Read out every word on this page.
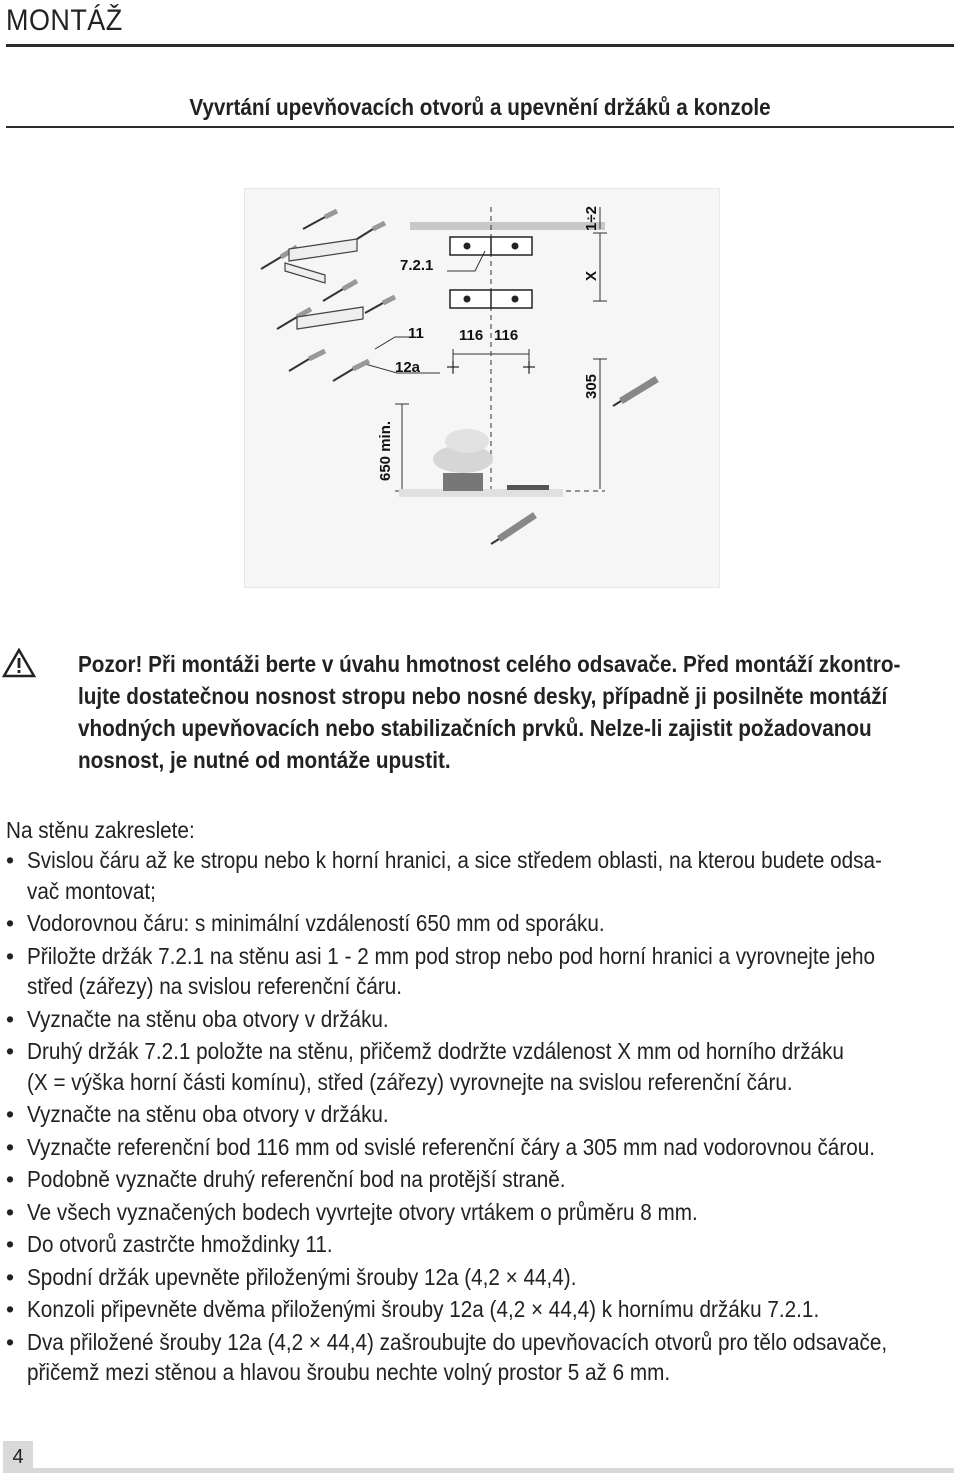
MONTÁŽ
Vyvrtání upevňovacích otvorů a upevnění držáků a konzole
7.2.1
11
12a
116 116
1÷2
X
305
650 min.
Pozor! Při montáži berte v úvahu hmotnost celého odsavače. Před montáží zkontro-
lujte dostatečnou nosnost stropu nebo nosné desky, případně ji posilněte montáží
vhodných upevňovacích nebo stabilizačních prvků. Nelze-li zajistit požadovanou
nosnost, je nutné od montáže upustit.
Na stěnu zakreslete:
• Svislou čáru až ke stropu nebo k horní hranici, a sice středem oblasti, na kterou budete odsa-
vač montovat;
• Vodorovnou čáru: s minimální vzdáleností 650 mm od sporáku.
• Přiložte držák 7.2.1 na stěnu asi 1 - 2 mm pod strop nebo pod horní hranici a vyrovnejte jeho
střed (zářezy) na svislou referenční čáru.
• Vyznačte na stěnu oba otvory v držáku.
• Druhý držák 7.2.1 položte na stěnu, přičemž dodržte vzdálenost X mm od horního držáku
(X = výška horní části komínu), střed (zářezy) vyrovnejte na svislou referenční čáru.
• Vyznačte na stěnu oba otvory v držáku.
• Vyznačte referenční bod 116 mm od svislé referenční čáry a 305 mm nad vodorovnou čárou.
• Podobně vyznačte druhý referenční bod na protější straně.
• Ve všech vyznačených bodech vyvrtejte otvory vrtákem o průměru 8 mm.
• Do otvorů zastrčte hmoždinky 11.
• Spodní držák upevněte přiloženými šrouby 12a (4,2 × 44,4).
• Konzoli připevněte dvěma přiloženými šrouby 12a (4,2 × 44,4) k hornímu držáku 7.2.1.
• Dva přiložené šrouby 12a (4,2 × 44,4) zašroubujte do upevňovacích otvorů pro tělo odsavače,
přičemž mezi stěnou a hlavou šroubu nechte volný prostor 5 až 6 mm.
4
